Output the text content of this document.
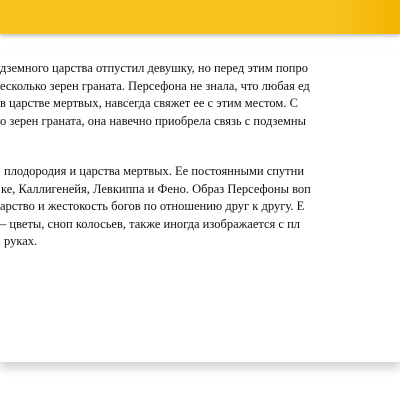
дземного царства отпустил девушку, но перед этим попро
есколько зерен граната. Персефона не знала, что любая ед
в царстве мертвых, навсегда свяжет ее с этим местом. С
о зерен граната, она навечно приобрела связь с подземны
плодородия и царства мертвых. Ее постоянными спутни
ке, Каллигенейя, Левкиппа и Фено. Образ Персефоны воп
арство и жестокость богов по отношению друг к другу. Е
– цветы, сноп колосьев, также иногда изображается с пл
руках.
